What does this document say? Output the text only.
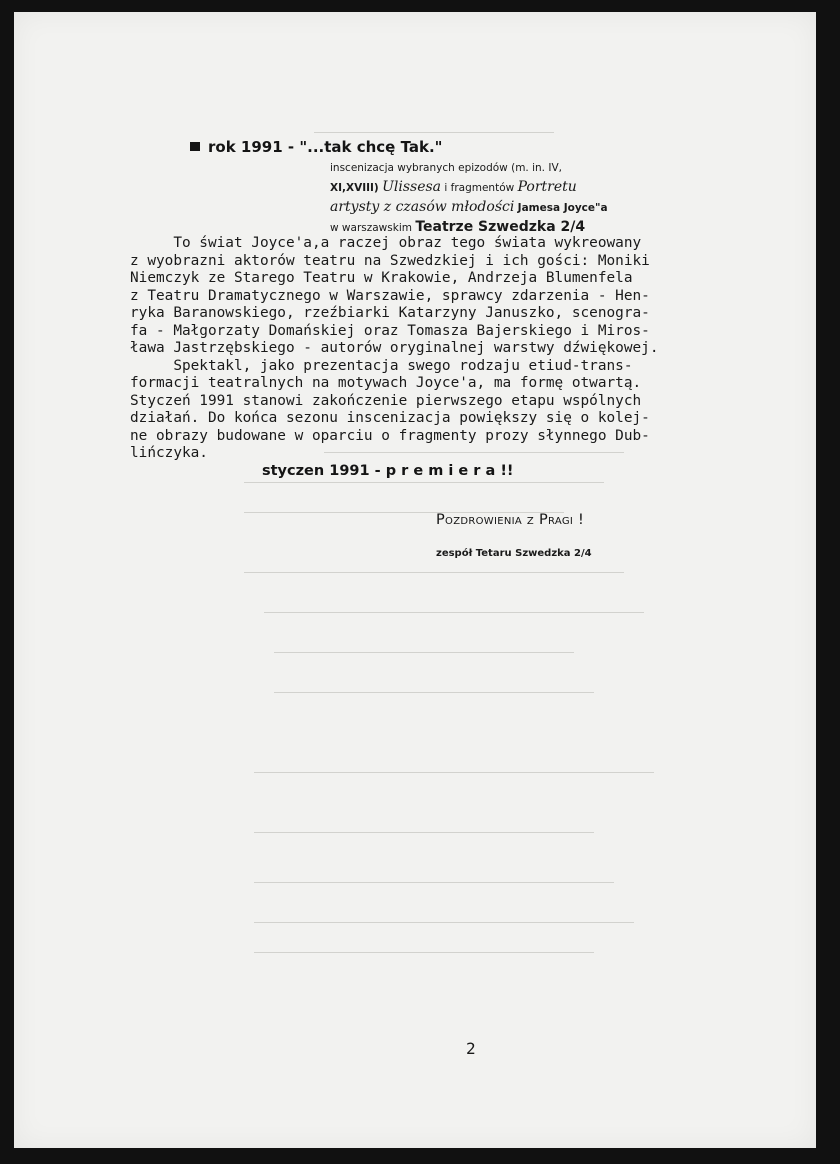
rok 1991 - "...tak chcę Tak."
inscenizacja wybranych epizodów (m. in. IV,
XI,XVIII) Ulissesa i fragmentów Portretu
artysty z czasów młodości Jamesa Joyce"a
w warszawskim Teatrze Szwedzka 2/4
To świat Joyce'a,a raczej obraz tego świata wykreowany
z wyobrazni aktorów teatru na Szwedzkiej i ich gości: Moniki
Niemczyk ze Starego Teatru w Krakowie, Andrzeja Blumenfela
z Teatru Dramatycznego w Warszawie, sprawcy zdarzenia - Hen-
ryka Baranowskiego, rzeźbiarki Katarzyny Januszko, scenogra-
fa - Małgorzaty Domańskiej oraz Tomasza Bajerskiego i Miros-
ława Jastrzębskiego - autorów oryginalnej warstwy dźwiękowej.
Spektakl, jako prezentacja swego rodzaju etiud-trans-
formacji teatralnych na motywach Joyce'a, ma formę otwartą.
Styczeń 1991 stanowi zakończenie pierwszego etapu wspólnych
działań. Do końca sezonu inscenizacja powiększy się o kolej-
ne obrazy budowane w oparciu o fragmenty prozy słynnego Dub-
lińczyka.
styczen 1991 - p r e m i e r a !!
Pozdrowienia z Pragi !
zespół Tetaru Szwedzka 2/4
2
